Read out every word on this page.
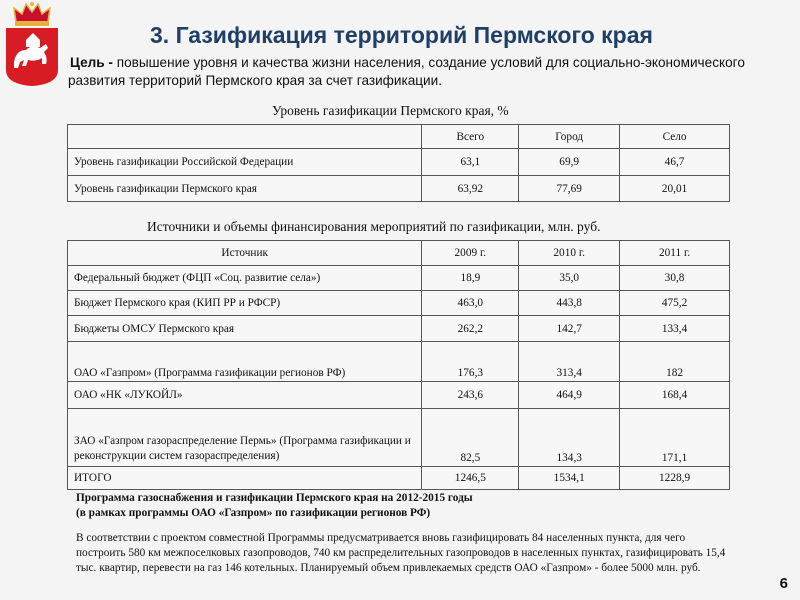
3. Газификация территорий Пермского края
Цель - повышение уровня и качества жизни населения, создание условий для социально-экономического развития территорий Пермского края за счет газификации.
Уровень газификации Пермского края, %
	Всего	Город	Село
Уровень газификации Российской Федерации	63,1	69,9	46,7
Уровень газификации Пермского края	63,92	77,69	20,01
Источники и объемы финансирования мероприятий по газификации, млн. руб.
Источник	2009 г.	2010 г.	2011 г.
Федеральный бюджет (ФЦП «Соц. развитие села»)	18,9	35,0	30,8
Бюджет Пермского края (КИП РР и РФСР)	463,0	443,8	475,2
Бюджеты ОМСУ Пермского края	262,2	142,7	133,4
ОАО «Газпром» (Программа газификации регионов РФ)	176,3	313,4	182
ОАО «НК «ЛУКОЙЛ»	243,6	464,9	168,4
ЗАО «Газпром газораспределение Пермь» (Программа газификации и реконструкции систем газораспределения)	82,5	134,3	171,1
ИТОГО	1246,5	1534,1	1228,9

Программа газоснабжения и газификации Пермского края на 2012-2015 годы

(в рамках программы ОАО «Газпром» по газификации регионов РФ)

В соответствии с проектом совместной Программы предусматривается вновь газифицировать 84 населенных пункта, для чего построить 580 км межпоселковых газопроводов, 740 км распределительных газопроводов в населенных пунктах, газифицировать 15,4 тыс. квартир, перевести на газ 146 котельных. Планируемый объем привлекаемых средств ОАО «Газпром» - более 5000 млн. руб.

6
